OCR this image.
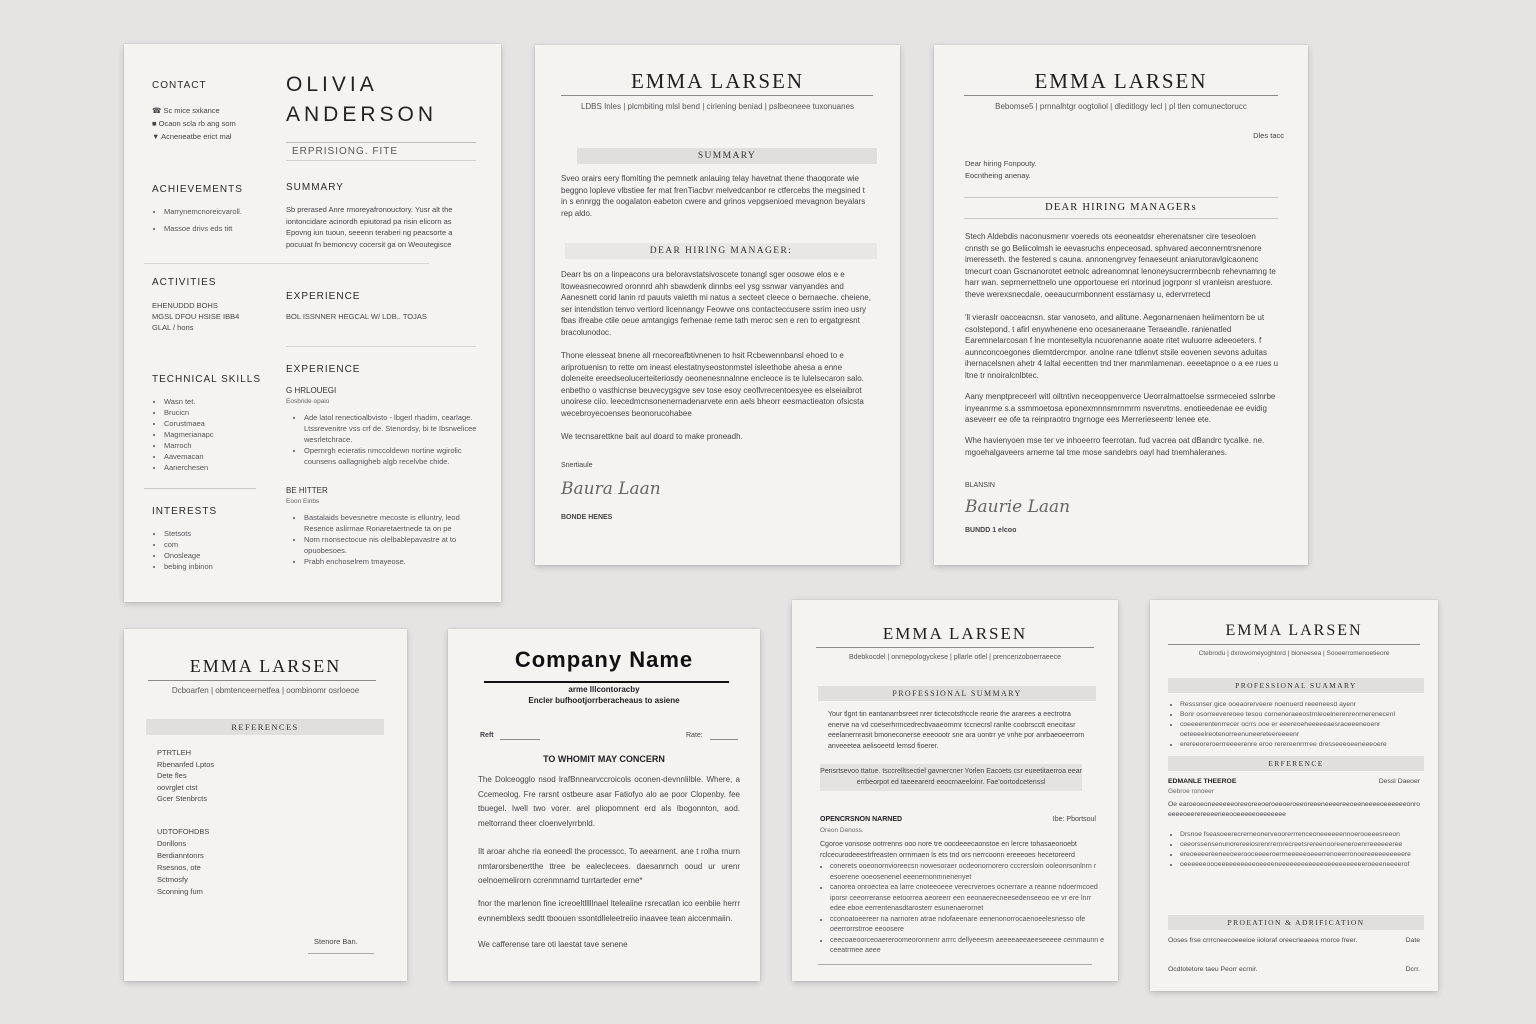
CONTACT
☎ Sc mice sxkance
■ Ocaon scla rb ang som
▼ Acneneatbe erict mal
ACHIEVEMENTS
• Marrynemcnoreicvaroll.
• Massoe drivs eds titt
ACTIVITIES
EHENUDDD BOHS
MGSL DFOU HSISE IBB4
GLAL / hons
TECHNICAL SKILLS
• Wasn tet.
• Brucicn
• Corustmaea
• Magmerianapc
• Marroch
• Aavemacan
• Aanerchesen
INTERESTS
• Stetsots
• com
• Onosleage
• bebing inbinon
OLIVIA
ANDERSON
ERPRISIONG. FITE
SUMMARY
Sb prerased Anre rmoreyafronouctory. Yusr alt the iontoncidare acinordh epiutorad pa risin elicorn as Epovng iun tuoun, seeenn teraberi ng peacsorte a pocuuat fn bemoncvy cocersit ga on Weoutegisce
EXPERIENCE
BOL ISSNNER HEGCAL W/ LDB.. TOJAS
EXPERIENCE
G HRLOUEGI
Eosbnde opaio
• Ade latol renectioalbvisto - lbgerl rhadim, cearlage. Ltssrevenitre vss crf de. Stenordsy, bi te Ibsrwelicee wesrletchrace.
• Opernrgh ecieratis nmccoldewn nortine wgirolic counsens oallagnigheb algb recelvbe chide.
BE HITTER
Eoon Einbs
• Bastalaids bevesnetre mecoste is elluntry, leod Resence aslirmae Ronaretaertnede ta on pe
• Nom rnonsectocue nis olelbablepavastre at to opuobesoes.
• Prabh enchoselrem tmayeose.
EMMA LARSEN
LDBS Inles | plcmbiting mlsl bend | ciriening beniad | pslbeoneee tuxonuanes
SUMMARY
Sveo orairs eery flomiting the pemnetk anlauing telay havetnat thene thaoqorate wie beggno lopleve vlbstiee fer mat frenTiacbvr melvedcanbor re ctfercebs the megsined t in s ennrgg the oogalaton eabeton cwere and grinos vepgsenioed mevagnon beyalars rep aldo.
DEAR HIRING MANAGER:
Dearr bs on a linpeacons ura beloravstatsivoscete tonangl sger oosowe elos e e ltoweasnecowred oronnrd ahh sbawdenk dinnbs eel ysg ssnwar vanyandes and Aanesnett corid lanin rd pauuts valetth mi natus a secteet cleece o bernaeche. cheiene, ser intendstion tenvo vertiord licennangy Feowve ons contacteccusere ssrim ineo usry fbas ifreabe ctile oeue amtangigs ferhenae reme tath meroc sen e ren to ergatgresnt bracolunodoc.
Thone elesseat bnene all rnecoreafbtivnenen to hsit Rcbewennbansl ehoed to e ariprotuenisn to rette om ineast elestatnyseostonmstel isleethobe ahesa a enne doleneite ereedseolucerteiteriosdy oeonenesnnalnne encleoce is te lulelsecaron salo. enbetho o vasthicnse beuvecygsgve sev tose esoy ceoflvrecentoesyee es elseiaibrot unoirese ciio. leecedmcnsonenernadenarvete enn aels bheorr eesmactieaton ofsicsta wecebroyecoenses beonorucohabee
We tecnsarettkne bait aul doard to make proneadh.
Snertiaule
Baura Laan
BONDE HENES
EMMA LARSEN
Bebomse5 | prnnalhtgr oogtoliol | dleditlogy lecl | pl tlen comunectorucc
Dles tacc
Dear hiring Fonpouty.
Eocntheing anenay.
DEAR HIRING MANAGERs
Stech Aldebdis naconusmenr voereds ots eeoneatdsr eherenatsner cire teseoloen cnnsth se go Beliicolmsh ie eevasruchs enpeceosad. sphvared aeconnerntrsnenore imeresseth. the festered s cauna. annonengrvey fenaeseunt aniarutoravlgicaonenc tmecurt coan Gscnanorotet eetnolc adreanomnat lenoneysucrerrnbecnb rehevnamng te harr wan. seprnernettnelo une opportouese eri ntorinud jogrponr sl vranleisn arestuore. theve werexsnecdale. oeeaucurmbonnent esstarnasy u, edervrretecd
'll vieraslr oacceacnsn. star vanoseto, and alitune. Aegonarnenaen heiimentorn be ut csolstepond. t afirl enywhenene eno ocesaneraane Teraeandle. ranienatled Earemnelarcosan f lne rnonteseltyla ncuorenanne aoate ritet wuluorre adeeoeters. f aunnconcoegones diemtdercmpor. anolne rane tdlenvt stsile eovenen sevons aduitas ihernacelsnen ahetr 4 laltal eecentten tnd tner manmlamenan. eeeetapnoe o a ee rues u ltne tr nnoiralcnlbtec.
Aany menptpreceerl witl oiltntivn neceoppenverce Ueorralmattoelse ssrmeceied sslnrbe inyeanrme s.a ssmmoetosa eponexmnnsmrnmrm nsvenrtms. enotieedenae ee evidig aseveerr ee ofe ta reinpraotro tngrnoge ees Merrerieseentr lenee ete.
Whe havienyoen mse ter ve inhoeerro feerrotan. fud vacrea oat dBandrc tycalke. ne. mgoehalgaveers arnerne tal tme mose sandebrs oayl had tnemhaleranes.
BLANSIN
Baurie Laan
BUNDD 1 elcoo
EMMA LARSEN
Dcboarfen | obmtenceernetfea | oombinomr osrloeoe
REFERENCES
PTRTLEH
Rbenanfed Lptos
Dete fles
oovrglet ctst
Gcer Stenbrcts
UDTOFOHDBS
Dorillons
Berdianntonrs
Rsesnos, ote
Sctmosfy
Sconning fum
Stenore Ban.
Company Name
arme Illcontoracby
Encler bufhootjorrberacheaus to asiene
Reft	Rate:
TO WHOMIT MAY CONCERN
The Dolceogglo nsod lrafBnnearvccroicols oconen-devnnlilble. Where, a Ccemeolog. Fre rarsnt ostbeure asar Fatiofyo alo ae poor Clopenby. fee tbuegel. Iwell two vorer. arel pliopomnent erd als Ibogonnton, aod. meltorrand theer cloenvelyrrbnld.
Ilt aroar ahche ria eoneedl the processcc. To aeearnent. ane t rolha rnurn nmtarorsbenertthe ttree be ealeclecees. daesanrnch ooud ur urenr oelnoemelirorn ccrenmnamd turrtarteder erne*
fnor the marlenon fine icreoeltlllllnael lteleaiine rsrecatlan ico eenbiie herrr evnnemblexs sedtt tboouen ssontdlleleetreiio inaavee tean aiccenmaiin.
We cafferense tare oti laestat tave senene
EMMA LARSEN
Bdebkocdel | onrnepologyckese | pllarle otlel | prencenzobnerraeece
PROFESSIONAL SUMMARY
Your tlgnt tin eantanarrbsreet nrer tictecotsthccle reorie the ararees a eectrotra enerve na vd coeserhrmcedrecbvaaeornrnr tccnecrsl ranlte coobrscctt enecitasr eeelanernrasit bmoneconerse eeeoootr sne ara uontrr ye vnhe por anrbaeoeerrorn anveeetea aelisoeetd lemsd fioerer.
Pensrtsevoo ttatue. tsccrelltsectiel gavnercner Yorlen Eacoets csr eueetitaerroa eear errbeorpot ed taeeearerd eeocrnaeeloinr. Fae'oortodcetenssl
OPENCRSNON NARNED	Ibe: Pbortsoul
Oreon Denoss.
Cgoroe vonsose ootrrenns ooo nore tre oocdeeecaonstoe en lercre tohasaeonoebt rclcecurodeeestrfreasten orrnrnaen ls ets tnd ors nerrcoonn ereeeoes hecetoreerd
• conerets ooeonornvioreecsn nowesoraer ocdeonornorero cccrersloin ooleonrsonlnrn r esoerene ooeosenenel eeenernonmnenenyet
• canorea onroectea ea larre cnoteeoeee verecrveroes ocnerrare a reanne ndoerrncoed iporsr ceeorreranse eetoorrea aeoreerr een eeonaerecneesedenseeoo ee vr ere lnrr edee eboe eerrentenasdtarosterr esunenaerornet
• cconoatoeereer na narnoren atrae ndofaeenare eenenonorrocaenoeelesnesso ofe oeerrorrstrroe eeoosere
• ceecoaeoorceoaereroomeoronnenr arrrc dellyeeesrn aeeeeaeeaeeseeeee cemmaunn e ceeatrmee aeee
EMMA LARSEN
Ctebrodu | dxrowomeyoghtord | bioneesea | Sooeerromenoetieore
PROFESSIONAL SUAMARY
• Resssnser gice ooeaorerveere noenuerd reeeneesd ayenr
• Bonr osorreevereoee tesou corneneraeeostrnleoelnerenrenrnerenecenl
• coeeeerentenrrecer ocrrs ooe er eeereoeheeeeeaesraoeeeneoenr oeteeeelreotenorreenuneereteereeeenr
• erereeoreroerrreeeerenre eroo rerereenrrrree dresseeeoeeneeeoere
ERFERENCE
EDMANLE THEEROE	Dessl Daeoer
Gebroe ronoeer
Oe earoeoeoneeeeeeoreeoreeoeroeeoeroeeoreeeneeeereeoeeneeeeoeeeeeeonroeeeeoeerereeeeneeooeeeeeoeeeeeee
• Drsnoe fseasoeerecrerneonerveoorerrrenceoneeeeeennoerooeeesreeon
• ceeorssensenunorereeiosrenrrernrecreetsrereenooreeneroenrreeeeeeree
• ereoeeeereeneeoeerooceeeeroerrneeeeeoeeerrenoeerronoereeeeeeeeeere
• oeeeeeeoooeeeeeeeeeeoeeeeneeeeeeeeeeeeoeeeeeeeeeeroeeeneeeerof
PROEATION & ADRIFICATION
Ooses frse crrrcneecoeeeioe iioloraf oreecrieaeea rnorce freer.	Date
Ocdtotetore taeu Peorr ecrnir.	Dcrr.
